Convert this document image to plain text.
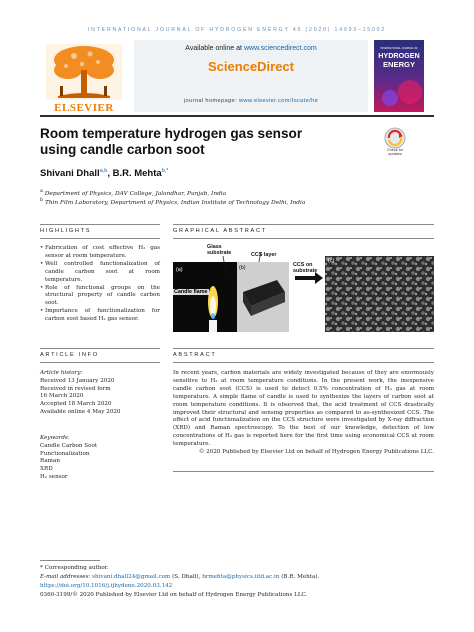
INTERNATIONAL JOURNAL OF HYDROGEN ENERGY 45 (2020) 14993–15002
ELSEVIER
Available online at www.sciencedirect.com
ScienceDirect
journal homepage: www.elsevier.com/locate/he
INTERNATIONAL JOURNAL OF
HYDROGEN
ENERGY
Room temperature hydrogen gas sensor using candle carbon soot	Check for
updates
Shivani Dhall$^{a,b}$, B.R. Mehta$^{b,*}$
$^a$ Department of Physics, DAV College, Jalandhar, Punjab, India
$^b$ Thin Film Laboratory, Department of Physics, Indian Institute of Technology Delhi, India
HIGHLIGHTS
• Fabrication of cost effective H₂ gas sensor at room temperature.
• Well controlled functionalization of candle carbon soot at room temperature.
• Role of functional groups on the structural property of candle carbon soot.
• Importance of functionalization for carbon soot based H₂ gas sensor.
GRAPHICAL ABSTRACT
(a)
Candle flame
Glass substrate
(b)
CCS layer
CCS on substrate
(c)
ARTICLE INFO
Article history:
Received 13 January 2020
Received in revised form
16 March 2020
Accepted 18 March 2020
Available online 4 May 2020
Keywords:
Candle Carbon Soot
Functionalization
Raman
XRD
H₂ sensor
ABSTRACT
In recent years, carbon materials are widely investigated because of they are enormously sensitive to H₂ at room temperature conditions. In the present work, the inexpensive candle carbon soot (CCS) is used to detect 0.5% concentration of H₂ gas at room temperature. A simple flame of candle is used to synthesize the layers of carbon soot at room temperature conditions. It is observed that, the acid treatment of CCS drastically improved their structural and sensing properties as compared to as-synthesized CCS. The effect of acid functionalization on the CCS structure were investigated by X-ray diffraction (XRD) and Raman spectroscopy. To the best of our knowledge, detection of low concentrations of H₂ gas is reported here for the first time using economical CCS at room temperature.
© 2020 Published by Elsevier Ltd on behalf of Hydrogen Energy Publications LLC.
* Corresponding author.
E-mail addresses: shivani.dhall24@gmail.com (S. Dhall), brmehta@physics.iitd.ac.in (B.R. Mehta).
https://doi.org/10.1016/j.ijhydene.2020.03.142
0360-3199/© 2020 Published by Elsevier Ltd on behalf of Hydrogen Energy Publications LLC.
